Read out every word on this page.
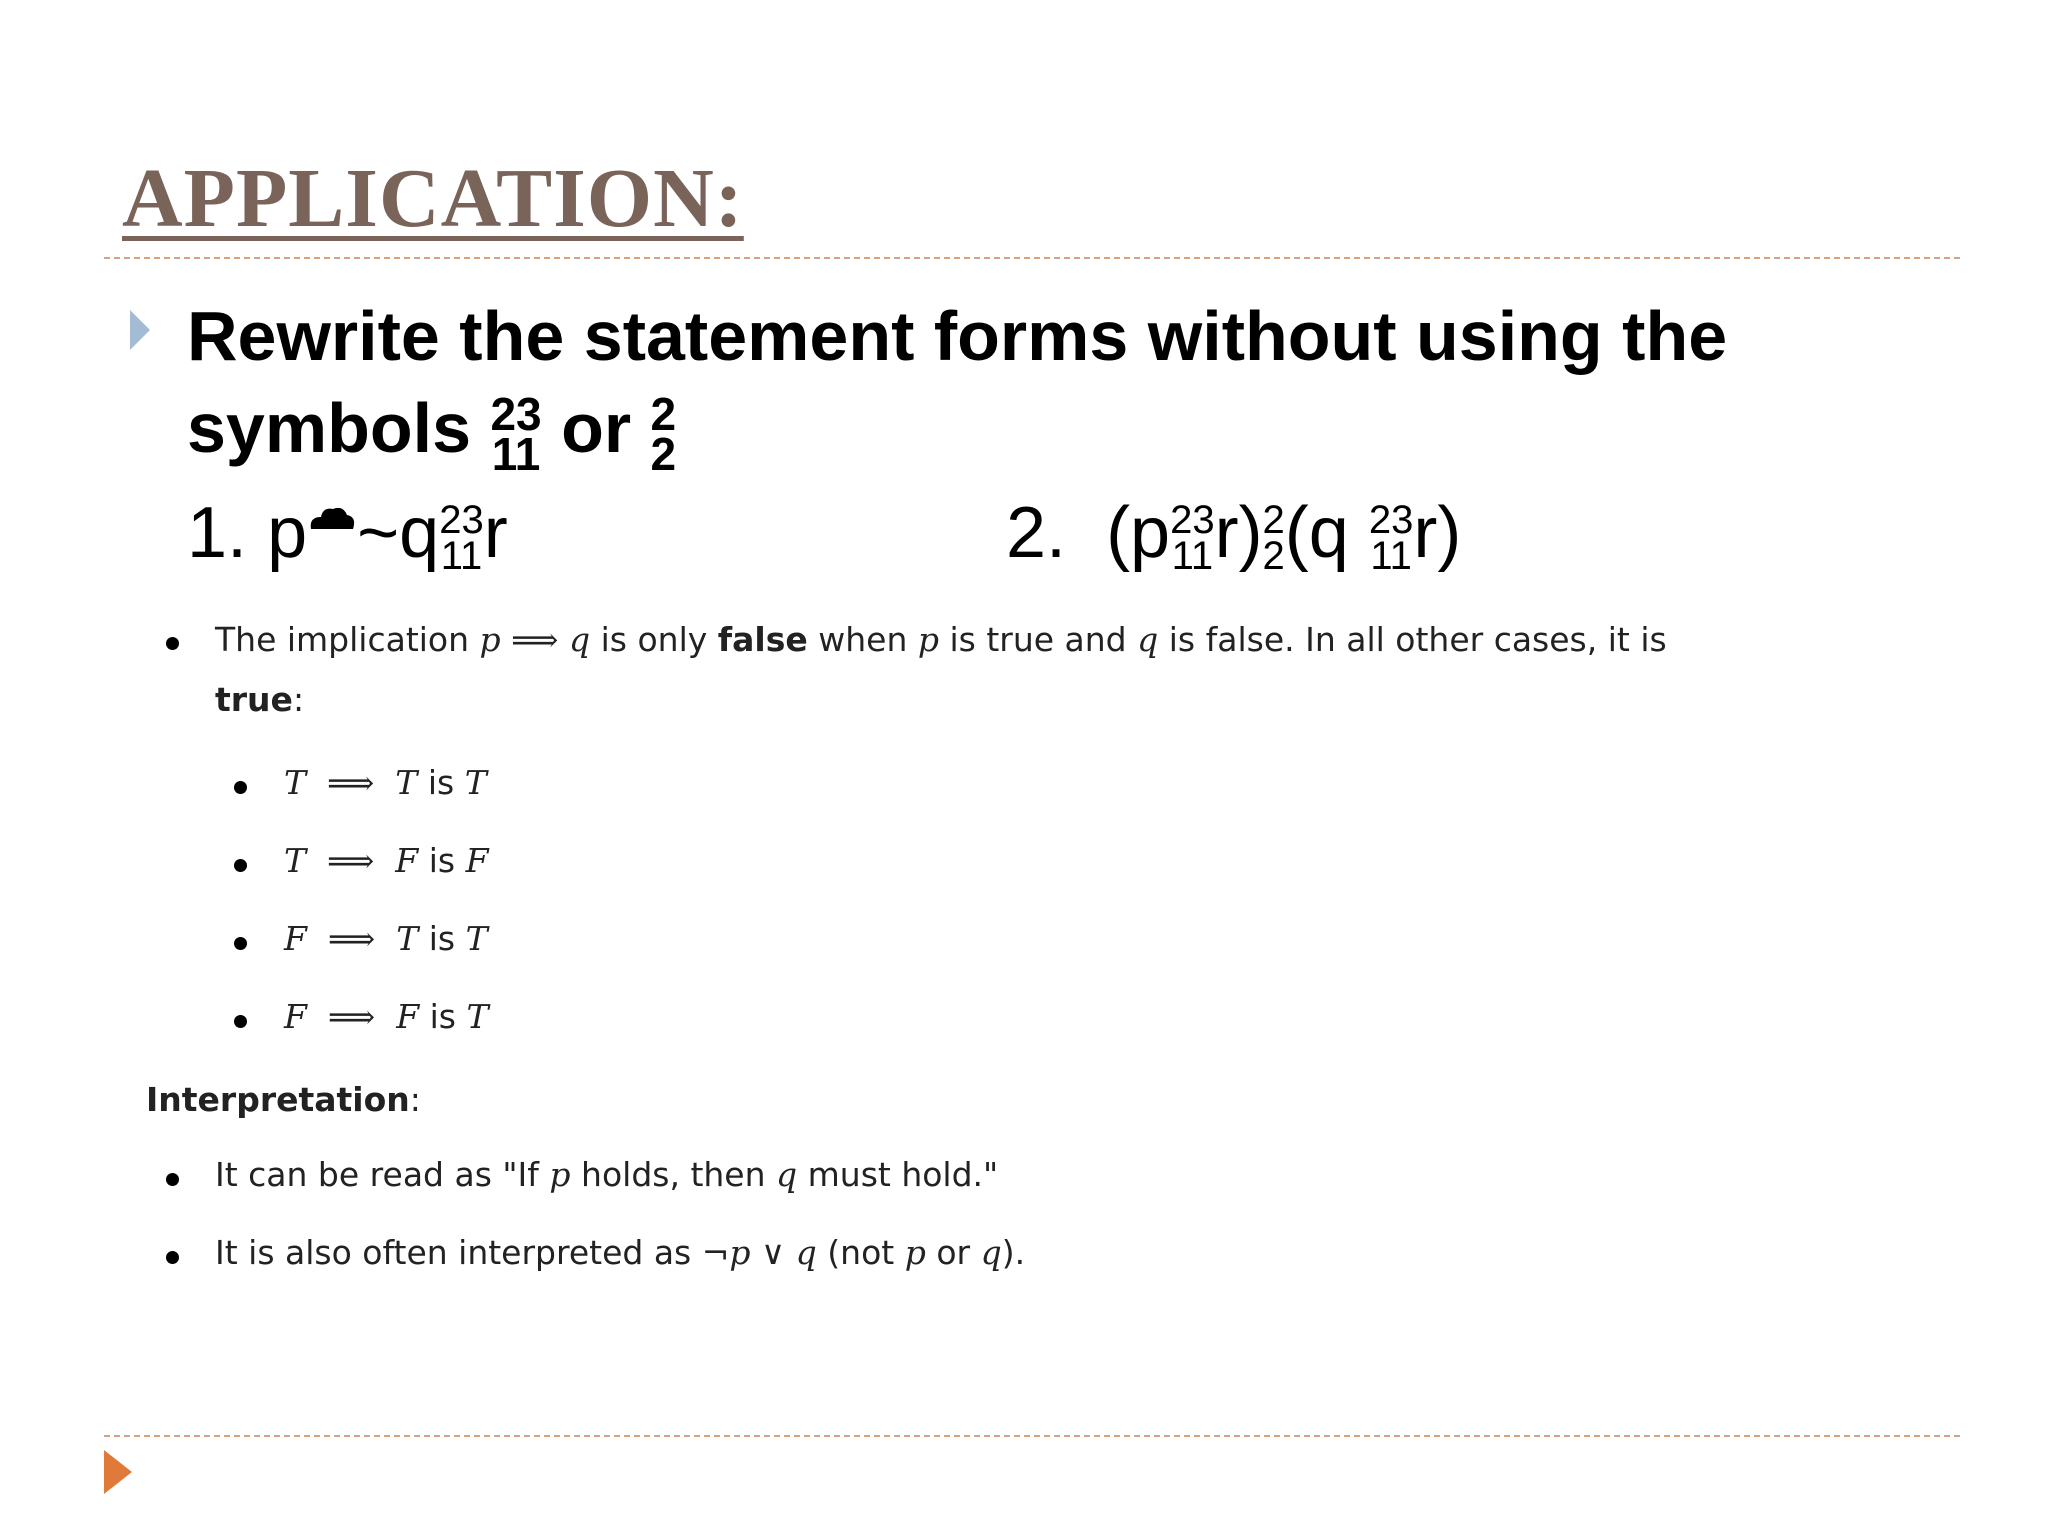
APPLICATION:
Rewrite the statement forms without using the
symbols 23
11 or 2
2
1. p ~q 23
11 r	2. (p 23
11 r) 2
2 (q 23
11 r)
The implication p ⟹ q is only false when p is true and q is false. In all other cases, it is
true:
T ⟹ T is T
T ⟹ F is F
F ⟹ T is T
F ⟹ F is T
Interpretation:
It can be read as "If p holds, then q must hold."
It is also often interpreted as ¬p ∨ q (not p or q).
